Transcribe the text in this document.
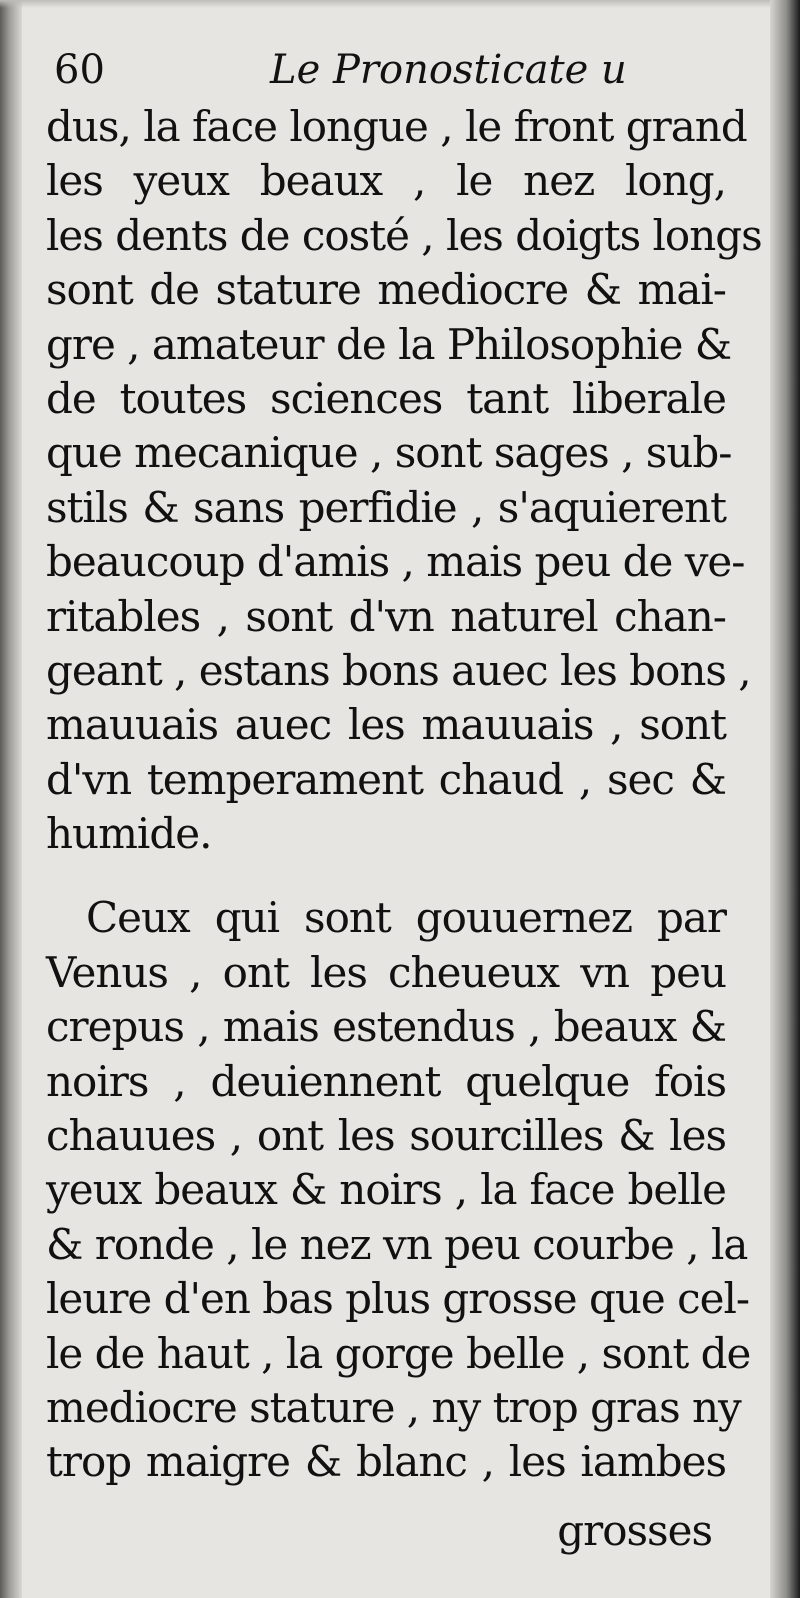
60	Le Pronosticate u
dus, la face longue , le front grand
les yeux beaux , le nez long,
les dents de costé , les doigts longs
sont de stature mediocre & mai-
gre , amateur de la Philosophie &
de toutes sciences tant liberale
que mecanique , sont sages , sub-
stils & sans perfidie , s'aquierent
beaucoup d'amis , mais peu de ve-
ritables , sont d'vn naturel chan-
geant , estans bons auec les bons ,
mauuais auec les mauuais , sont
d'vn temperament chaud , sec &
humide.
Ceux qui sont gouuernez par
Venus , ont les cheueux vn peu
crepus , mais estendus , beaux &
noirs , deuiennent quelque fois
chauues , ont les sourcilles & les
yeux beaux & noirs , la face belle
& ronde , le nez vn peu courbe , la
leure d'en bas plus grosse que cel-
le de haut , la gorge belle , sont de
mediocre stature , ny trop gras ny
trop maigre & blanc , les iambes
grosses
